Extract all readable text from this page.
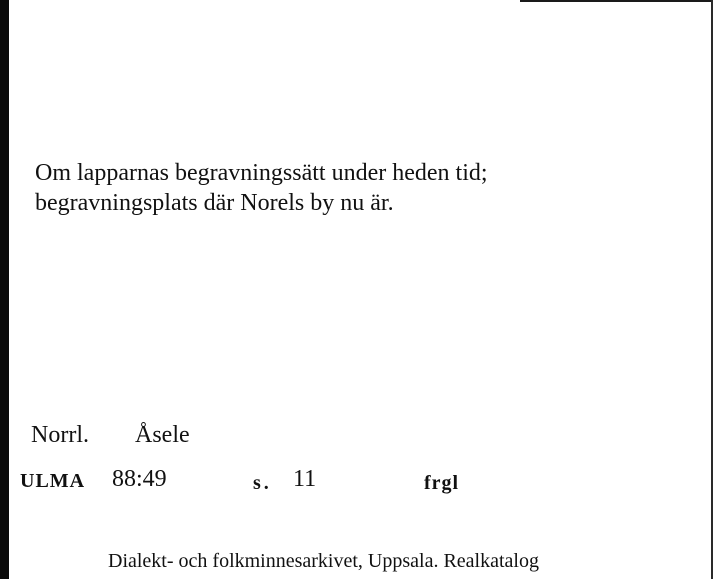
Om lapparnas begravningssätt under heden tid;
begravningsplats där Norels by nu är.
Norrl. Åsele
ULMA 88:49	s. 11	frgl
Dialekt- och folkminnesarkivet, Uppsala. Realkatalog
